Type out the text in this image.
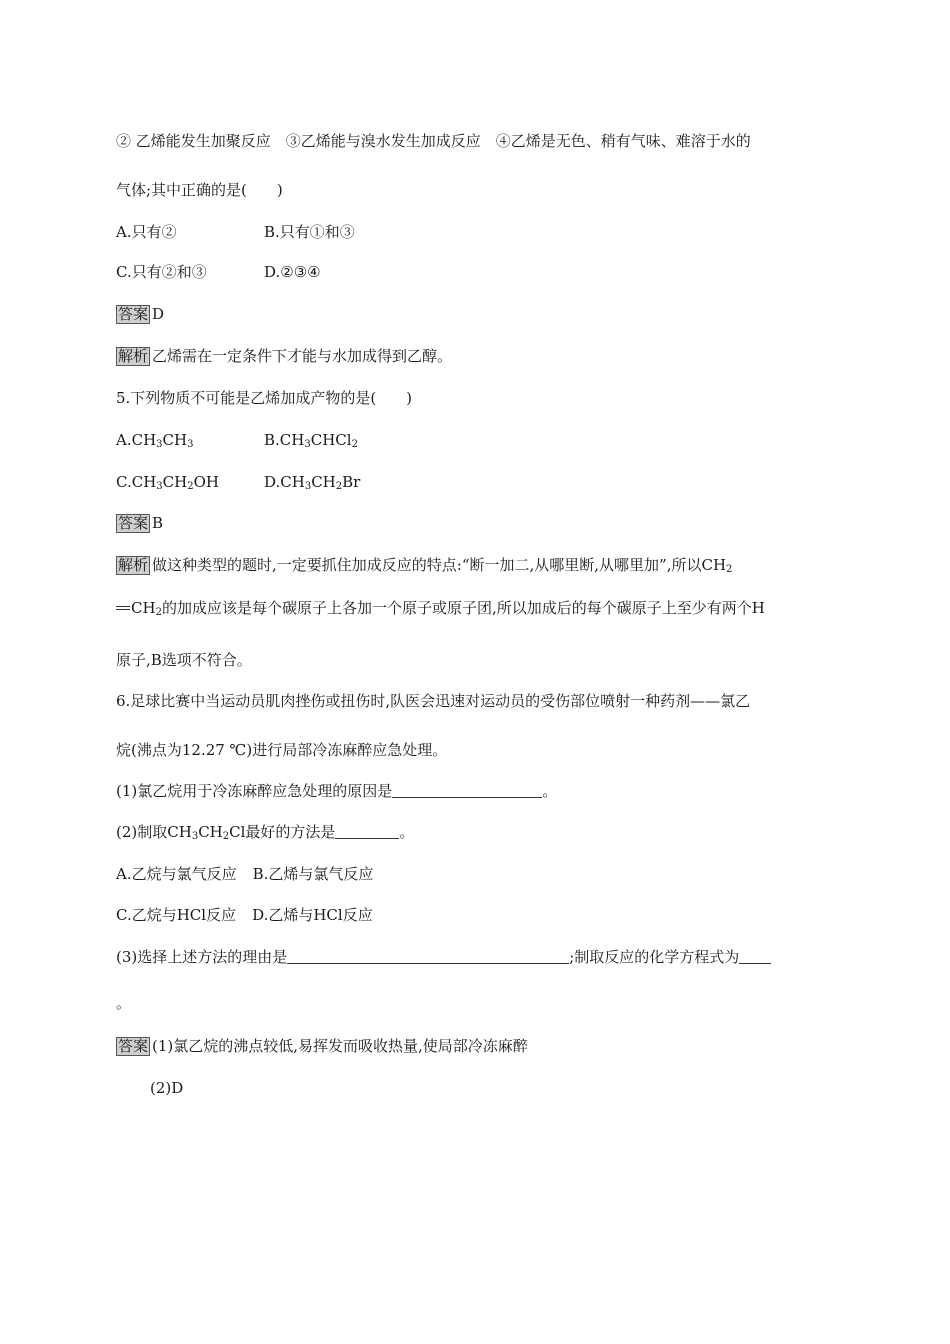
② 乙烯能发生加聚反应　③乙烯能与溴水发生加成反应　④乙烯是无色、稍有气味、难溶于水的
气体;其中正确的是(　　)
A.只有②	B.只有①和③
C.只有②和③	D.②③④
答案 D
解析 乙烯需在一定条件下才能与水加成得到乙醇。
5.下列物质不可能是乙烯加成产物的是(　　)
$A.CH_3CH_3$	$B.CH_3CHCl_2$
$C.CH_3CH_2OH$	$D.CH_3CH_2Br$
答案 B
解析 做这种类型的题时,一定要抓住加成反应的特点:“断一加二,从哪里断,从哪里加”,所以$CH_2$
$CH_2$的加成应该是每个碳原子上各加一个原子或原子团,所以加成后的每个碳原子上至少有两个H
原子,B选项不符合。
6.足球比赛中当运动员肌肉挫伤或扭伤时,队医会迅速对运动员的受伤部位喷射一种药剂——氯乙
烷(沸点为12.27 ℃)进行局部冷冻麻醉应急处理。
(1)氯乙烷用于冷冻麻醉应急处理的原因是	。
(2)制取$CH_3CH_2Cl$最好的方法是	。
A.乙烷与氯气反应 B.乙烯与氯气反应
C.乙烷与HCl反应 D.乙烯与HCl反应
(3)选择上述方法的理由是	;制取反应的化学方程式为
。
答案 (1)氯乙烷的沸点较低,易挥发而吸收热量,使局部冷冻麻醉
(2)D
